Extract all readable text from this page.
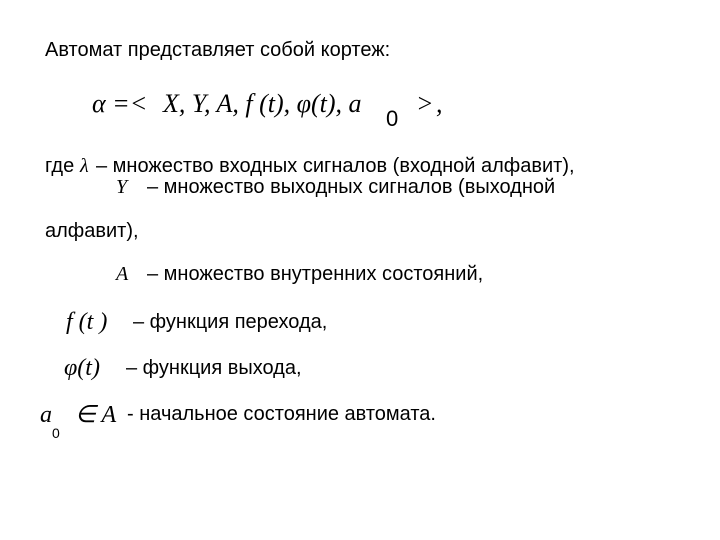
Автомат представляет собой кортеж:
α =< X, Y, A, f (t), φ(t), a
0
> ,
где λ – множество входных сигналов (входной алфавит),
Y – множество выходных сигналов (выходной
алфавит),
A – множество внутренних состояний,
f (t ) – функция перехода,
φ(t) – функция выхода,
a
0
∈ A - начальное состояние автомата.
